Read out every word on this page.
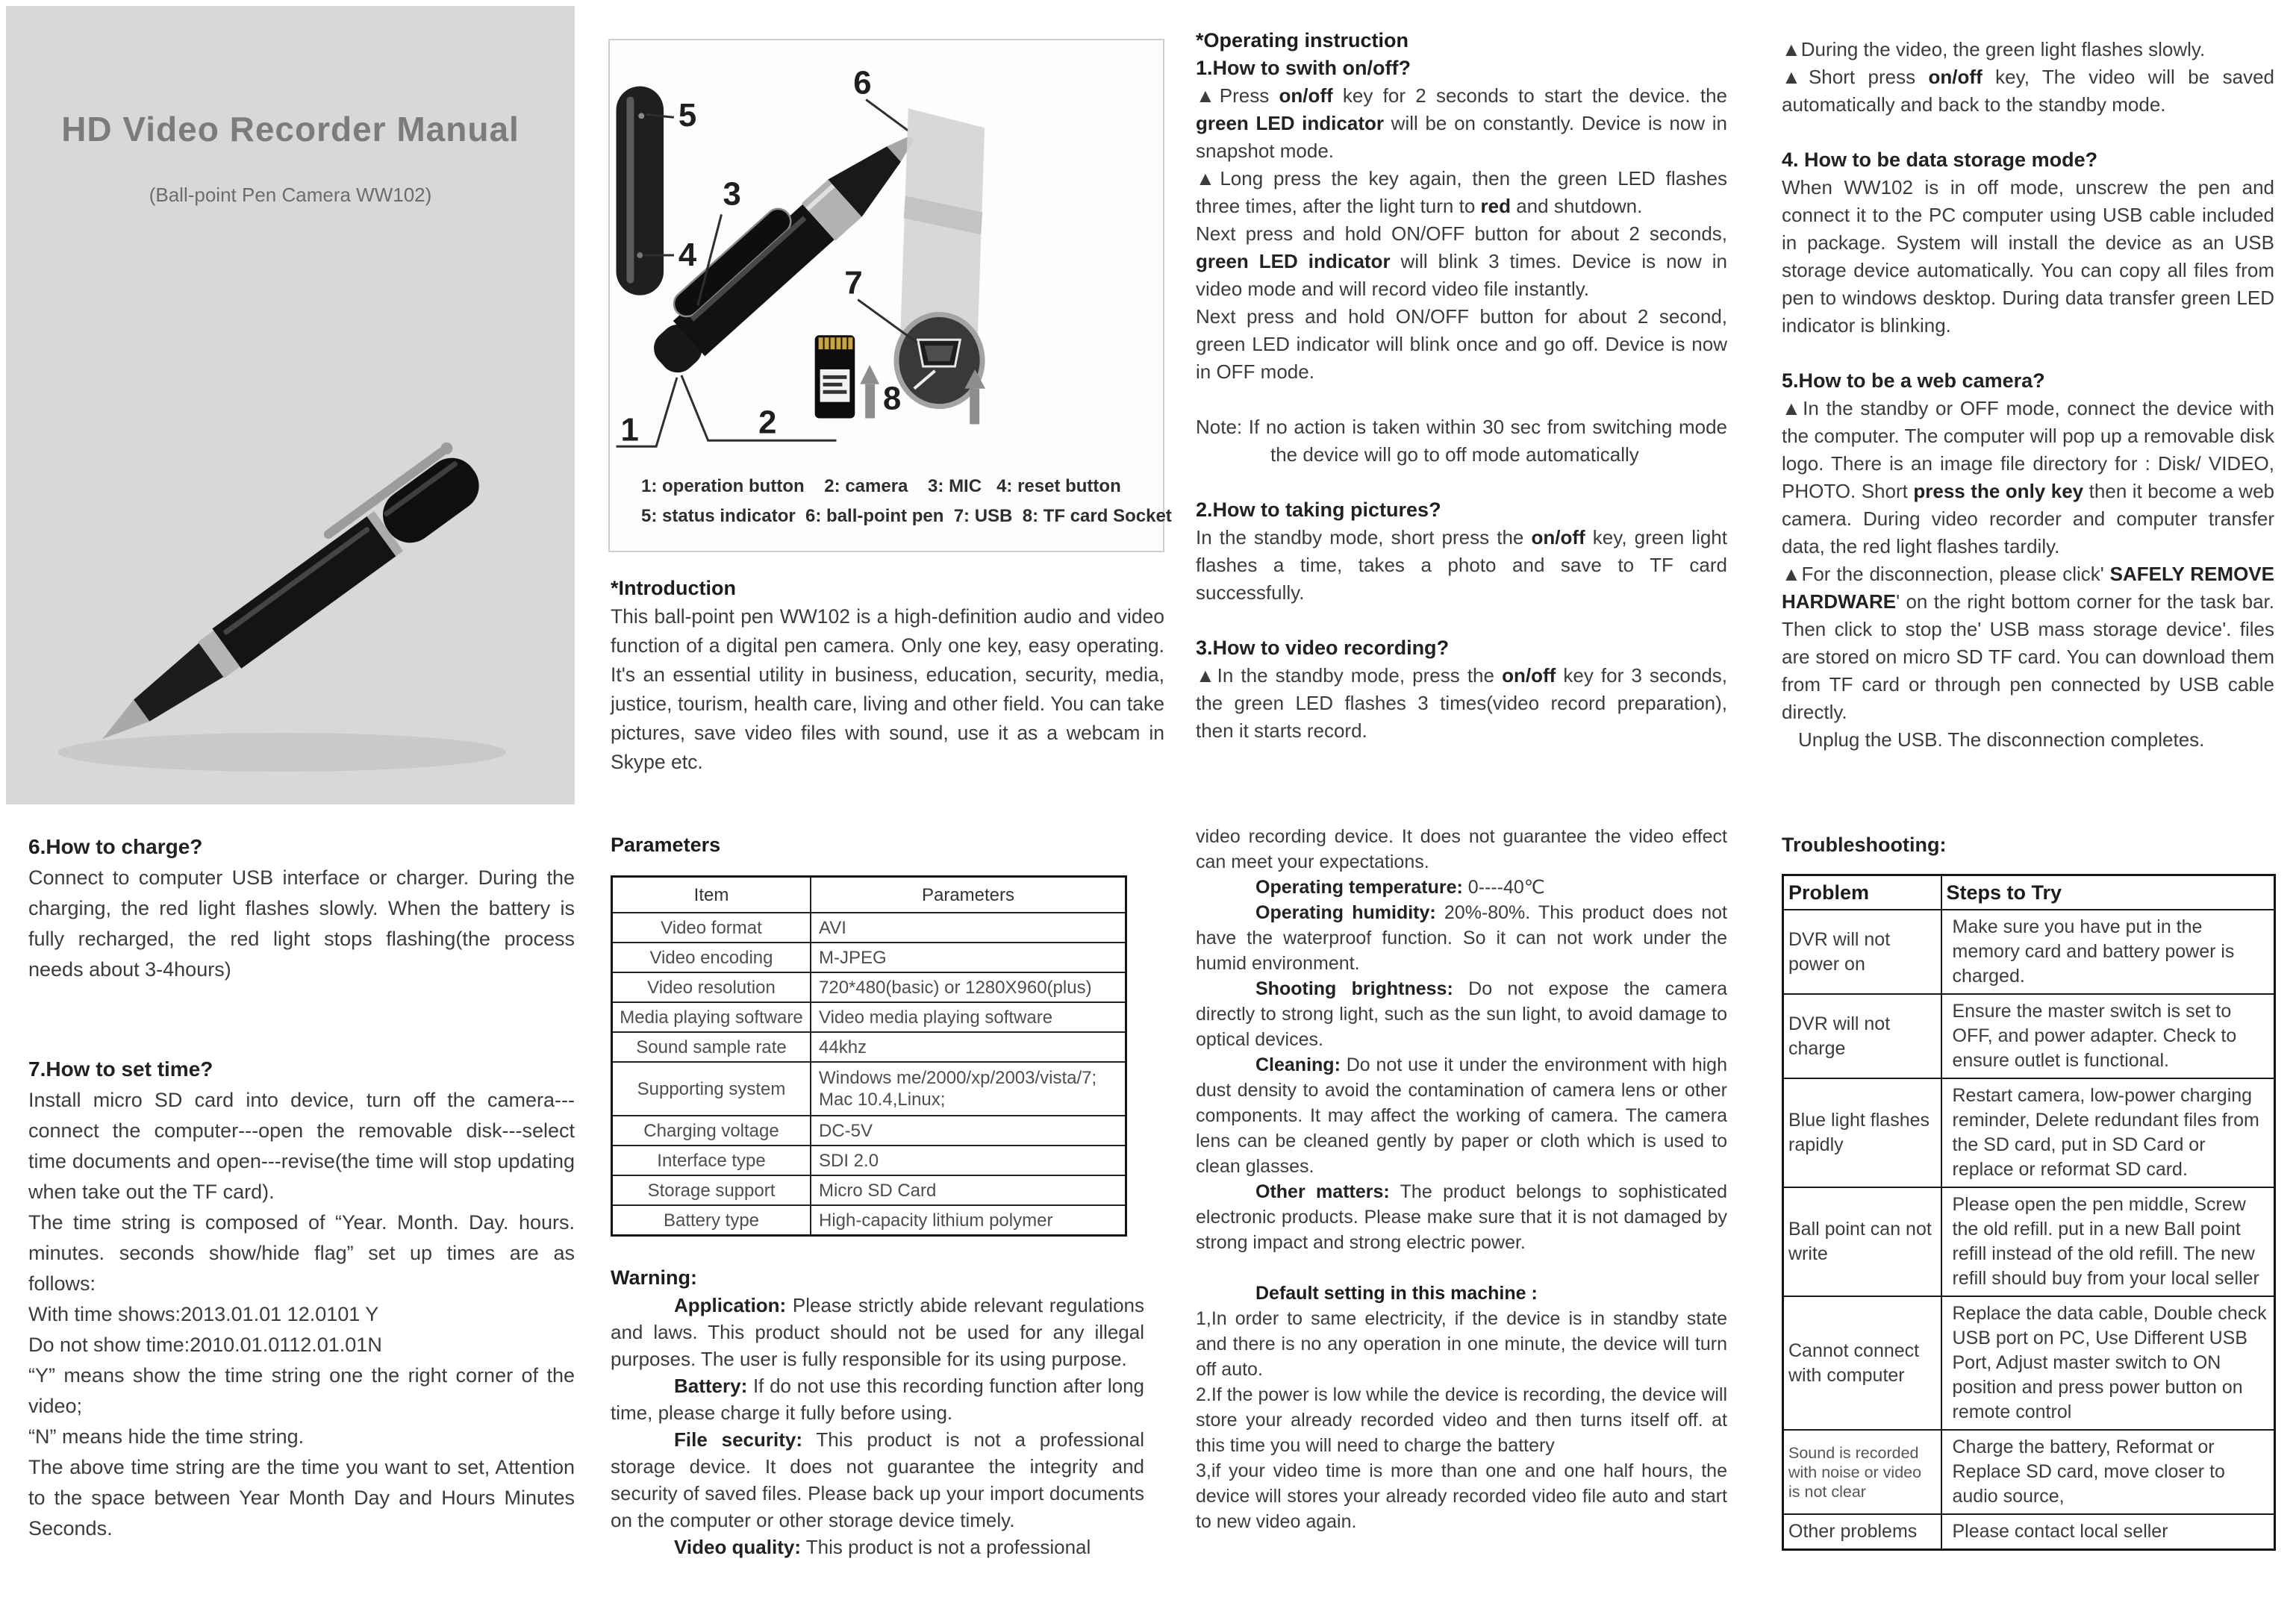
HD Video Recorder Manual
(Ball-point Pen Camera WW102)
5
4
1	2
3
6
7
8
1: operation button    2: camera    3: MIC   4: reset button
5: status indicator  6: ball-point pen  7: USB  8: TF card Socket

*Introduction

This ball-point pen WW102 is a high-definition audio and video function of a digital pen camera. Only one key, easy operating. It's an essential utility in business, education, security, media, justice, tourism, health care, living and other field. You can take pictures, save video files with sound, use it as a webcam in Skype etc.

*Operating instruction

1.How to swith on/off?

▲Press on/off key for 2 seconds to start the device. the green LED indicator will be on constantly. Device is now in snapshot mode.

▲Long press the key again, then the green LED flashes three times, after the light turn to red and shutdown.

Next press and hold ON/OFF button for about 2 seconds, green LED indicator will blink 3 times. Device is now in video mode and will record video file instantly.

Next press and hold ON/OFF button for about 2 second, green LED indicator will blink once and go off. Device is now in OFF mode.

Note: If no action is taken within 30 sec from switching mode the device will go to off mode automatically

2.How to taking pictures?

In the standby mode, short press the on/off key, green light flashes a time, takes a photo and save to TF card successfully.

3.How to video recording?

▲In the standby mode, press the on/off key for 3 seconds, the green LED flashes 3 times(video record preparation), then it starts record.

▲During the video, the green light flashes slowly.

▲Short press on/off key, The video will be saved automatically and back to the standby mode.

4. How to be data storage mode?

When WW102 is in off mode, unscrew the pen and connect it to the PC computer using USB cable included in package. System will install the device as an USB storage device automatically. You can copy all files from pen to windows desktop. During data transfer green LED indicator is blinking.

5.How to be a web camera?

▲In the standby or OFF mode, connect the device with the computer. The computer will pop up a removable disk logo. There is an image file directory for : Disk/ VIDEO, PHOTO. Short press the only key then it become a web camera. During video recorder and computer transfer data, the red light flashes tardily.

▲For the disconnection, please click' SAFELY REMOVE HARDWARE' on the right bottom corner for the task bar. Then click to stop the' USB mass storage device'. files are stored on micro SD TF card. You can download them from TF card or through pen connected by USB cable directly.

Unplug the USB. The disconnection completes.

6.How to charge?

Connect to computer USB interface or charger. During the charging, the red light flashes slowly. When the battery is fully recharged, the red light stops flashing(the process needs about 3-4hours)

7.How to set time?

Install micro SD card into device, turn off the camera---connect the computer---open the removable disk---select time documents and open---revise(the time will stop updating when take out the TF card).

The time string is composed of “Year. Month. Day. hours. minutes. seconds show/hide flag” set up times are as follows:

With time shows:2013.01.01 12.0101 Y

Do not show time:2010.01.0112.01.01N

“Y” means show the time string one the right corner of the video;

“N” means hide the time string.

The above time string are the time you want to set, Attention to the space between Year Month Day and Hours Minutes Seconds.

Parameters

Item	Parameters
Video format	AVI
Video encoding	M-JPEG
Video resolution	720*480(basic) or 1280X960(plus)
Media playing software	Video media playing software
Sound sample rate	44khz
Supporting system	Windows me/2000/xp/2003/vista/7; Mac 10.4,Linux;
Charging voltage	DC-5V
Interface type	SDI 2.0
Storage support	Micro SD Card
Battery type	High-capacity lithium polymer

Warning:

Application: Please strictly abide relevant regulations and laws. This product should not be used for any illegal purposes. The user is fully responsible for its using purpose.

Battery: If do not use this recording function after long time, please charge it fully before using.

File security: This product is not a professional storage device. It does not guarantee the integrity and security of saved files. Please back up your import documents on the computer or other storage device timely.

Video quality: This product is not a professional

video recording device. It does not guarantee the video effect can meet your expectations.

Operating temperature: 0----40℃

Operating humidity: 20%-80%. This product does not have the waterproof function. So it can not work under the humid environment.

Shooting brightness: Do not expose the camera directly to strong light, such as the sun light, to avoid damage to optical devices.

Cleaning: Do not use it under the environment with high dust density to avoid the contamination of camera lens or other components. It may affect the working of camera. The camera lens can be cleaned gently by paper or cloth which is used to clean glasses.

Other matters: The product belongs to sophisticated electronic products. Please make sure that it is not damaged by strong impact and strong electric power.

Default setting in this machine :

1,In order to same electricity, if the device is in standby state and there is no any operation in one minute, the device will turn off auto.

2.If the power is low while the device is recording, the device will store your already recorded video and then turns itself off. at this time you will need to charge the battery

3,if your video time is more than one and one half hours, the device will stores your already recorded video file auto and start to new video again.

Troubleshooting:

Problem	Steps to Try
DVR will not power on	Make sure you have put in the memory card and battery power is charged.
DVR will not charge	Ensure the master switch is set to OFF, and power adapter. Check to ensure outlet is functional.
Blue light flashes rapidly	Restart camera, low-power charging reminder, Delete redundant files from the SD card, put in SD Card or replace or reformat SD card.
Ball point can not write	Please open the pen middle, Screw the old refill. put in a new Ball point refill instead of the old refill. The new refill should buy from your local seller
Cannot connect with computer	Replace the data cable, Double check USB port on PC, Use Different USB Port, Adjust master switch to ON position and press power button on remote control
Sound is recorded with noise or video is not clear	Charge the battery, Reformat or Replace SD card, move closer to audio source,
Other problems	Please contact local seller
